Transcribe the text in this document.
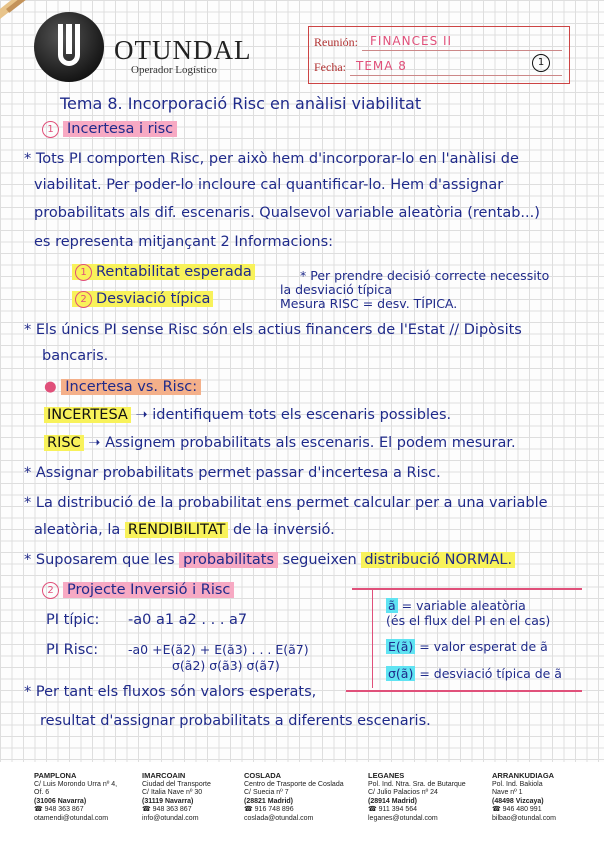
OTUNDAL
Operador Logístico
Reunión: FINANCES II
Fecha: TEMA 8	1
Tema 8. Incorporació Risc en anàlisi viabilitat
1 Incertesa i risc
* Tots PI comporten Risc, per això hem d'incorporar-lo en l'anàlisi de
viabilitat. Per poder-lo incloure cal quantificar-lo. Hem d'assignar
probabilitats als dif. escenaris. Qualsevol variable aleatòria (rentab...)
es representa mitjançant 2 Informacions:
1 Rentabilitat esperada
2 Desviació típica
* Per prendre decisió correcte necessito
la desviació típica
Mesura RISC = desv. TÍPICA.
* Els únics PI sense Risc són els actius financers de l'Estat // Dipòsits
bancaris.
● Incertesa vs. Risc:
INCERTESA ➝ identifiquem tots els escenaris possibles.
RISC ➝ Assignem probabilitats als escenaris. El podem mesurar.
* Assignar probabilitats permet passar d'incertesa a Risc.
* La distribució de la probabilitat ens permet calcular per a una variable
aleatòria, la RENDIBILITAT de la inversió.
* Suposarem que les probabilitats segueixen distribució NORMAL.
2 Projecte Inversió i Risc
PI típic: -a0 a1 a2 . . . a7
PI Risc: -a0 +E(ã2) + E(ã3) . . . E(ã7)
σ(ã2) σ(ã3) σ(ã7)
ã = variable aleatòria
(és el flux del PI en el cas)
E(ã) = valor esperat de ã
σ(ã) = desviació típica de ã
* Per tant els fluxos són valors esperats,
resultat d'assignar probabilitats a diferents escenaris.
PAMPLONA
C/ Luis Morondo Urra nº 4,
Of. 6
(31006 Navarra)
☎ 948 363 867
otamendi@otundal.com
IMARCOAIN
Ciudad del Transporte
C/ Italia Nave nº 30
(31119 Navarra)
☎ 948 363 867
info@otundal.com
COSLADA
Centro de Trasporte de Coslada
C/ Suecia nº 7
(28821 Madrid)
☎ 916 748 896
coslada@otundal.com
LEGANES
Pol. Ind. Ntra. Sra. de Butarque
C/ Julio Palacios nº 24
(28914 Madrid)
☎ 911 394 564
leganes@otundal.com
ARRANKUDIAGA
Pol. Ind. Bakiola
Nave nº 1
(48498 Vizcaya)
☎ 946 480 991
bilbao@otundal.com
